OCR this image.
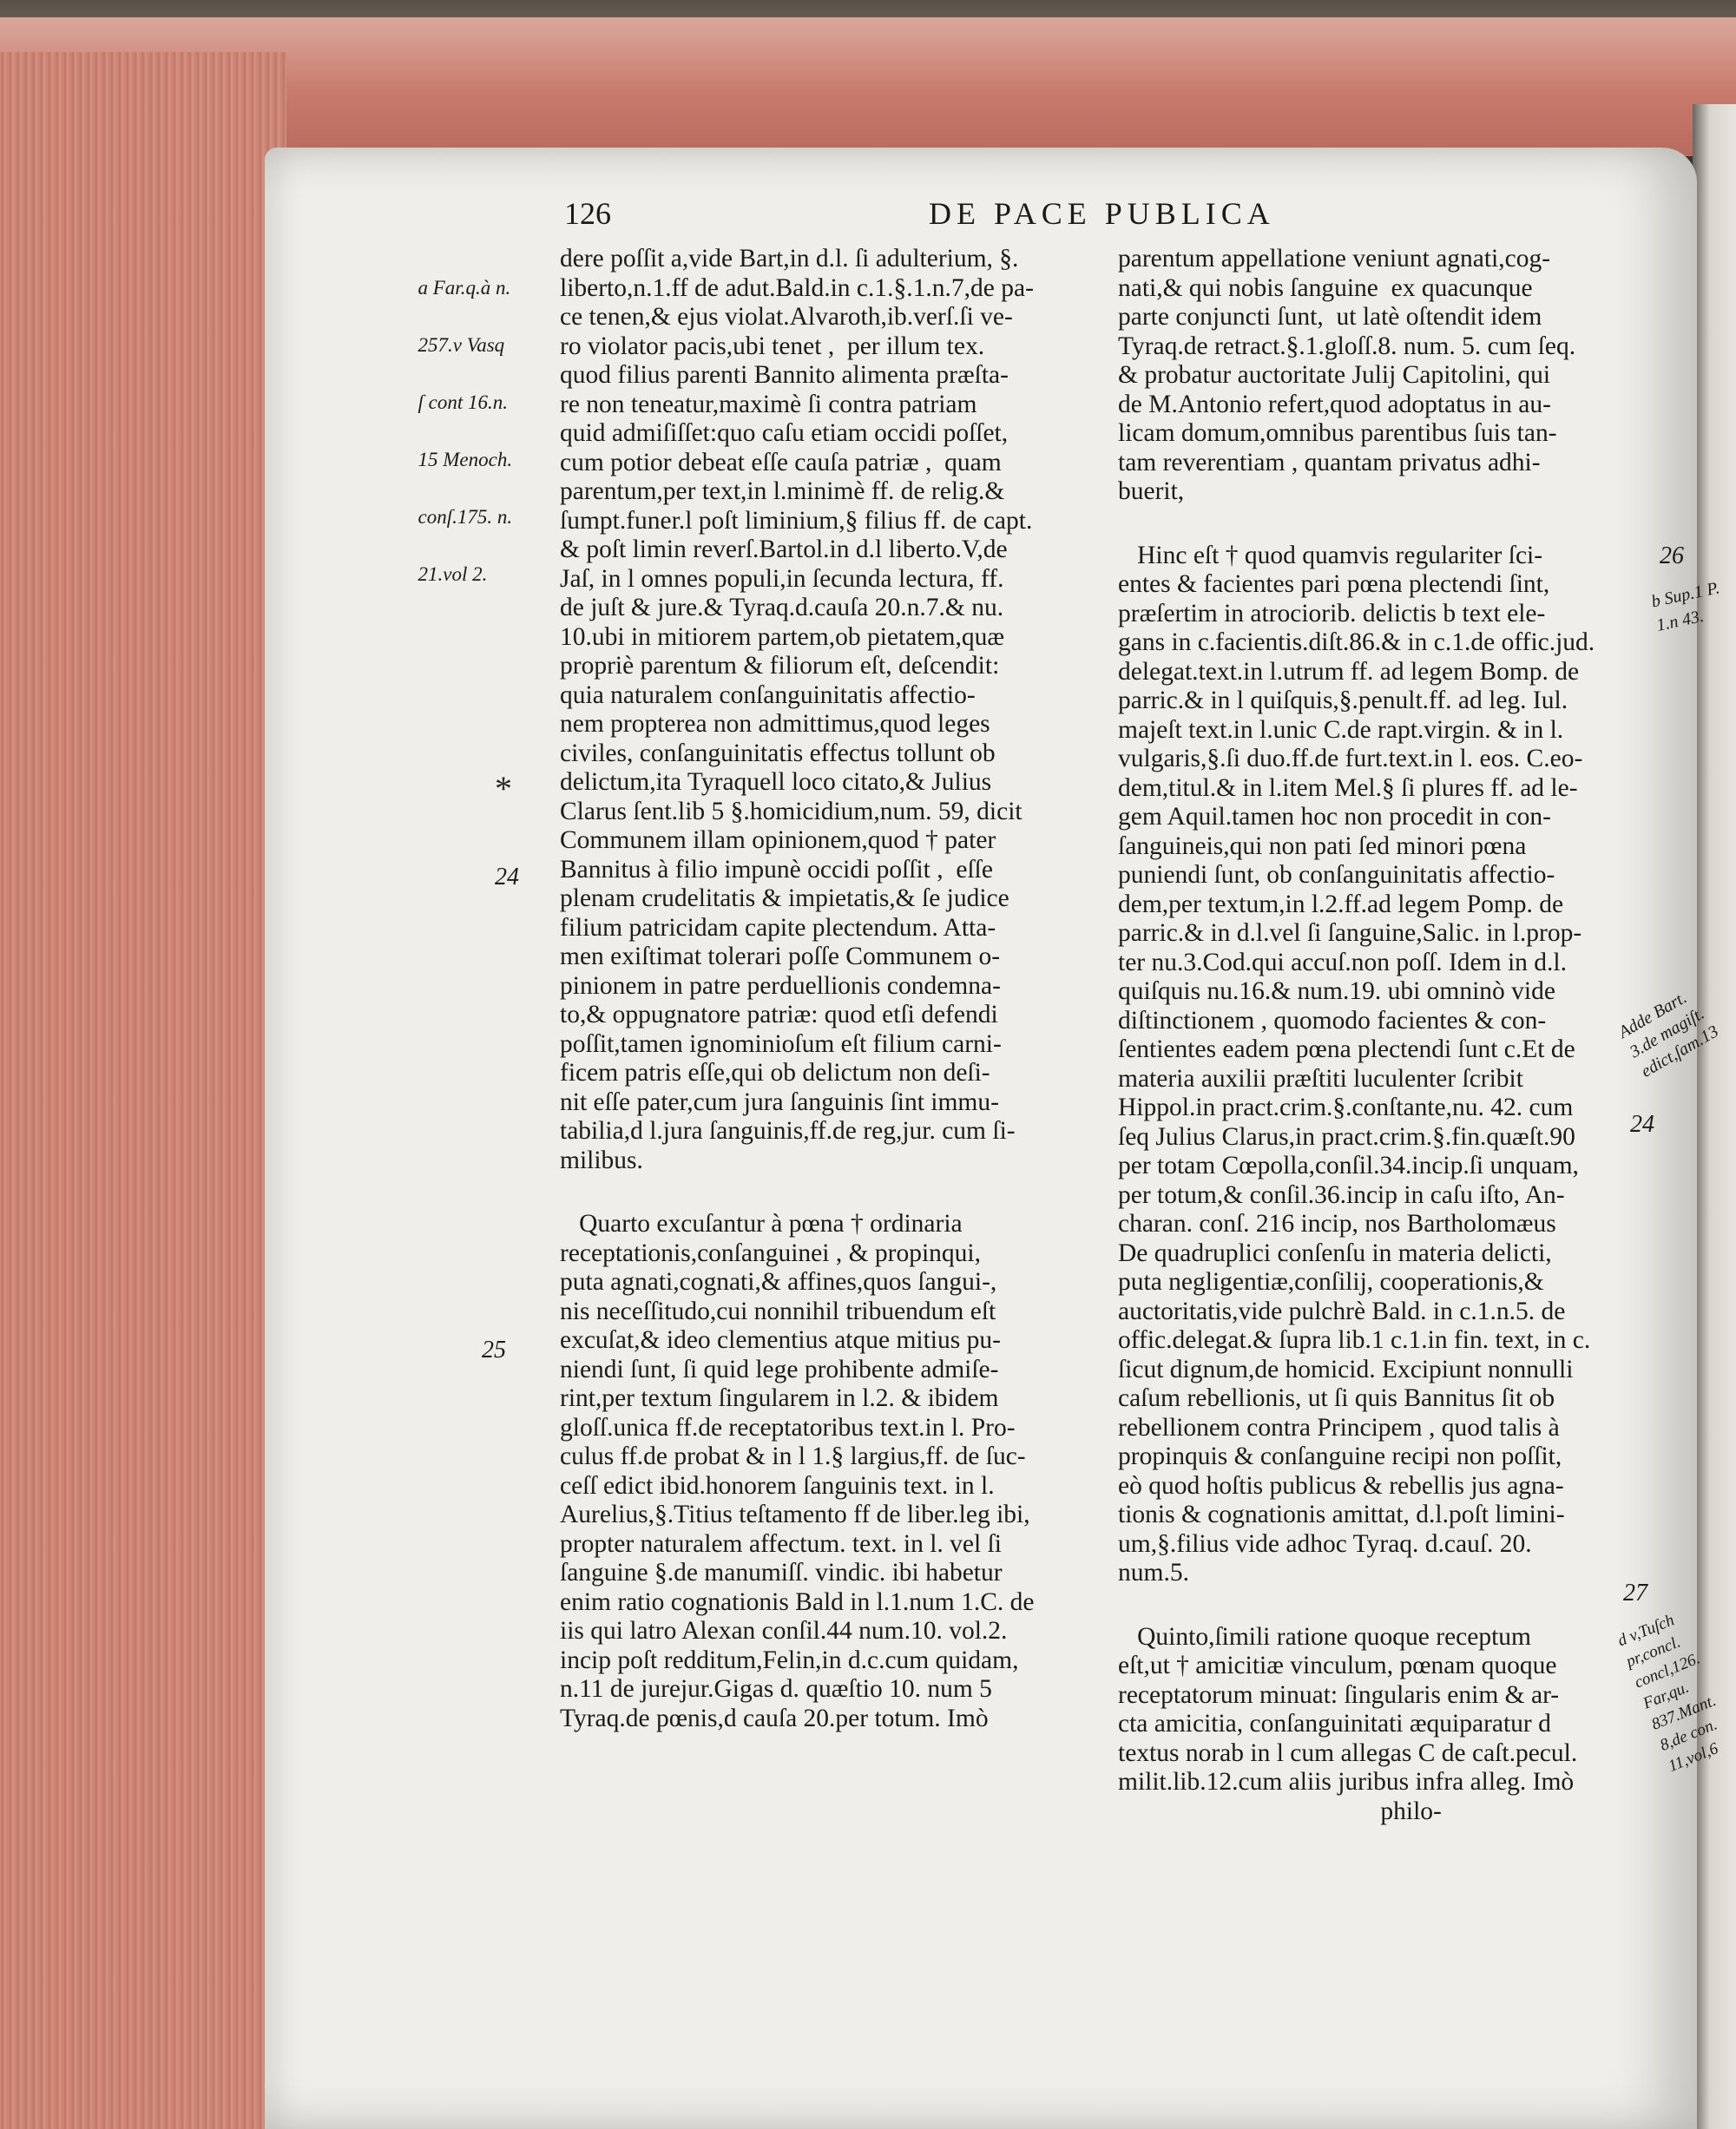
126	DE PACE PUBLICA

a Far.q.à n.

257.v Vasq

ſ cont 16.n.

15 Menoch.

conſ.175. n.

21.vol 2.

*
24
25
dere poſſit a,vide Bart,in d.l. ſi adulterium, §.
liberto,n.1.ff de adut.Bald.in c.1.§.1.n.7,de pa-
ce tenen,& ejus violat.Alvaroth,ib.verſ.ſi ve-
ro violator pacis,ubi tenet ,  per illum tex.
quod filius parenti Bannito alimenta præſta-
re non teneatur,maximè ſi contra patriam
quid admiſiſſet:quo caſu etiam occidi poſſet,
cum potior debeat eſſe cauſa patriæ ,  quam
parentum,per text,in l.minimè ff. de relig.&
ſumpt.funer.l poſt liminium,§ filius ff. de capt.
& poſt limin reverſ.Bartol.in d.l liberto.V,de
Jaſ, in l omnes populi,in ſecunda lectura, ff.
de juſt & jure.& Tyraq.d.cauſa 20.n.7.& nu.
10.ubi in mitiorem partem,ob pietatem,quæ
propriè parentum & filiorum eſt, deſcendit:
quia naturalem conſanguinitatis affectio-
nem propterea non admittimus,quod leges
civiles, conſanguinitatis effectus tollunt ob
delictum,ita Tyraquell loco citato,& Julius
Clarus ſent.lib 5 §.homicidium,num. 59, dicit
Communem illam opinionem,quod † pater
Bannitus à filio impunè occidi poſſit ,  eſſe
plenam crudelitatis & impietatis,& ſe judice
filium patricidam capite plectendum. Atta-
men exiſtimat tolerari poſſe Communem o-
pinionem in patre perduellionis condemna-
to,& oppugnatore patriæ: quod etſi defendi
poſſit,tamen ignominioſum eſt filium carni-
ficem patris eſſe,qui ob delictum non deſi-
nit eſſe pater,cum jura ſanguinis ſint immu-
tabilia,d l.jura ſanguinis,ff.de reg,jur. cum ſi-
milibus.
Quarto excuſantur à pœna † ordinaria
receptationis,conſanguinei , & propinqui,
puta agnati,cognati,& affines,quos ſangui-,
nis neceſſitudo,cui nonnihil tribuendum eſt
excuſat,& ideo clementius atque mitius pu-
niendi ſunt, ſi quid lege prohibente admiſe-
rint,per textum ſingularem in l.2. & ibidem
gloſſ.unica ff.de receptatoribus text.in l. Pro-
culus ff.de probat & in l 1.§ largius,ff. de ſuc-
ceſſ edict ibid.honorem ſanguinis text. in l.
Aurelius,§.Titius teſtamento ff de liber.leg ibi,
propter naturalem affectum. text. in l. vel ſi
ſanguine §.de manumiſſ. vindic. ibi habetur
enim ratio cognationis Bald in l.1.num 1.C. de
iis qui latro Alexan conſil.44 num.10. vol.2.
incip poſt redditum,Felin,in d.c.cum quidam,
n.11 de jurejur.Gigas d. quæſtio 10. num 5
Tyraq.de pœnis,d cauſa 20.per totum. Imò
parentum appellatione veniunt agnati,cog-
nati,& qui nobis ſanguine  ex quacunque
parte conjuncti ſunt,  ut latè oſtendit idem
Tyraq.de retract.§.1.gloſſ.8. num. 5. cum ſeq.
& probatur auctoritate Julij Capitolini, qui
de M.Antonio refert,quod adoptatus in au-
licam domum,omnibus parentibus ſuis tan-
tam reverentiam , quantam privatus adhi-
buerit,
Hinc eſt † quod quamvis regulariter ſci-
entes & facientes pari pœna plectendi ſint,
præſertim in atrociorib. delictis b text ele-
gans in c.facientis.diſt.86.& in c.1.de offic.jud.
delegat.text.in l.utrum ff. ad legem Bomp. de
parric.& in l quiſquis,§.penult.ff. ad leg. Iul.
majeſt text.in l.unic C.de rapt.virgin. & in l.
vulgaris,§.ſi duo.ff.de furt.text.in l. eos. C.eo-
dem,titul.& in l.item Mel.§ ſi plures ff. ad le-
gem Aquil.tamen hoc non procedit in con-
ſanguineis,qui non pati ſed minori pœna
puniendi ſunt, ob conſanguinitatis affectio-
dem,per textum,in l.2.ff.ad legem Pomp. de
parric.& in d.l.vel ſi ſanguine,Salic. in l.prop-
ter nu.3.Cod.qui accuſ.non poſſ. Idem in d.l.
quiſquis nu.16.& num.19. ubi omninò vide
diſtinctionem , quomodo facientes & con-
ſentientes eadem pœna plectendi ſunt c.Et de
materia auxilii præſtiti luculenter ſcribit
Hippol.in pract.crim.§.conſtante,nu. 42. cum
ſeq Julius Clarus,in pract.crim.§.fin.quæſt.90
per totam Cœpolla,conſil.34.incip.ſi unquam,
per totum,& conſil.36.incip in caſu iſto, An-
charan. conſ. 216 incip, nos Bartholomæus
De quadruplici conſenſu in materia delicti,
puta negligentiæ,conſilij, cooperationis,&
auctoritatis,vide pulchrè Bald. in c.1.n.5. de
offic.delegat.& ſupra lib.1 c.1.in fin. text, in c.
ſicut dignum,de homicid. Excipiunt nonnulli
caſum rebellionis, ut ſi quis Bannitus ſit ob
rebellionem contra Principem , quod talis à
propinquis & conſanguine recipi non poſſit,
eò quod hoſtis publicus & rebellis jus agna-
tionis & cognationis amittat, d.l.poſt limini-
um,§.filius vide adhoc Tyraq. d.cauſ. 20.
num.5.
Quinto,ſimili ratione quoque receptum
eſt,ut † amicitiæ vinculum, pœnam quoque
receptatorum minuat: ſingularis enim & ar-
cta amicitia, conſanguinitati æquiparatur d
textus norab in l cum allegas C de caſt.pecul.
milit.lib.12.cum aliis juribus infra alleg. Imò
philo-
26
b Sup.1 P.
1.n 43.
Adde Bart.
3.de magiſt.
edict,ſam.13
24
27
d v,Tuſch
pr,concl.
concl,126.
Far,qu.
837.Mant.
8,de con.
11,vol,6
